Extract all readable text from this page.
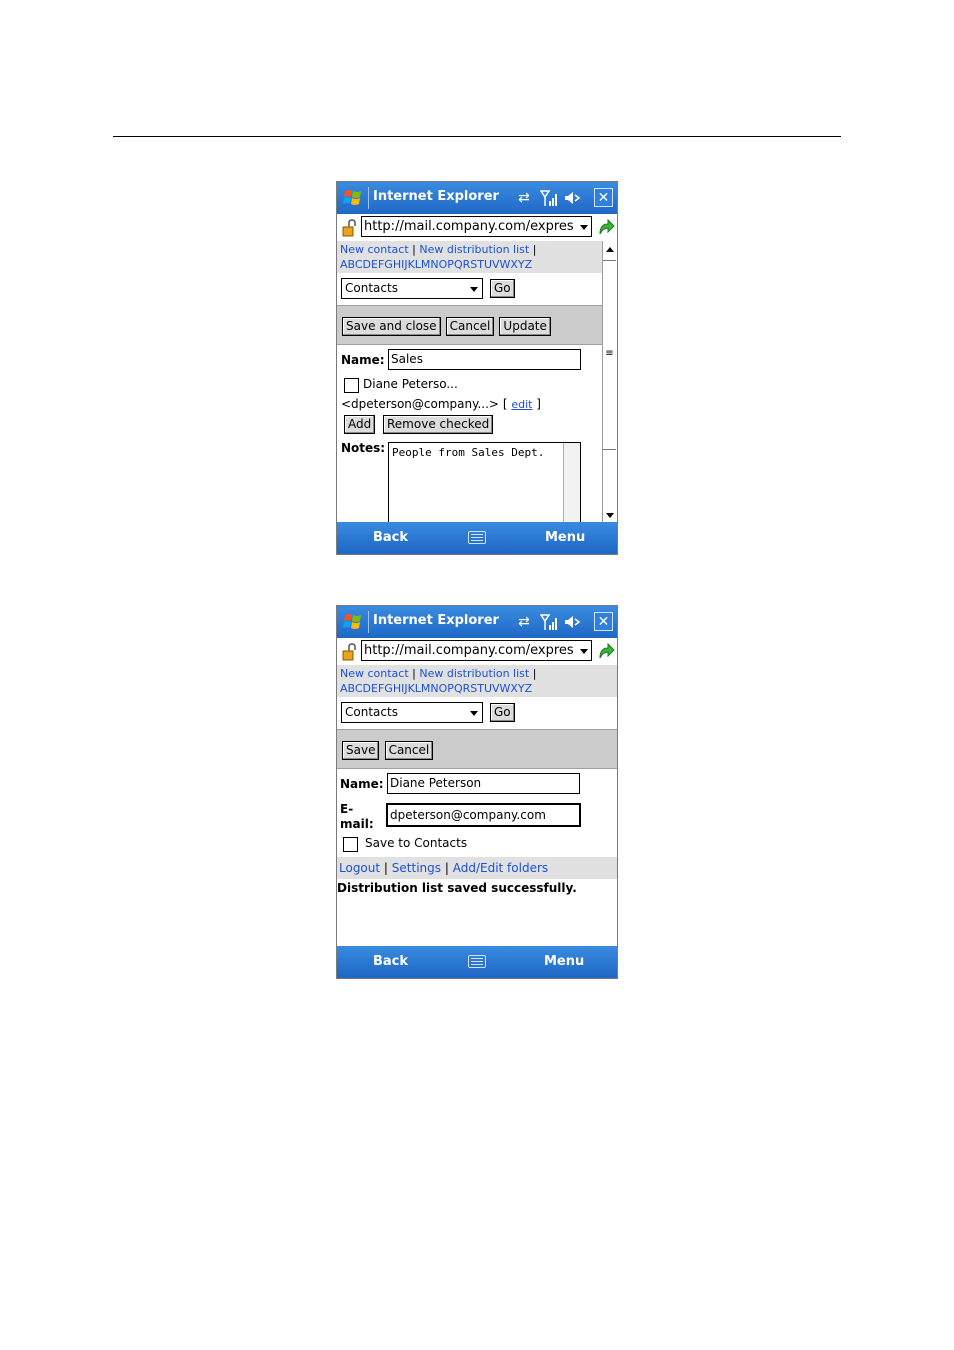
Internet Explorer ⇄	✕
http://mail.company.com/expres
New contact | New distribution list |
ABCDEFGHIJKLMNOPQRSTUVWXYZ
Contacts	Go
Save and close Cancel Update
Name: Sales
Diane Peterso...
<dpeterson@company...> [ edit ]
Add	Remove checked
Notes: People from Sales Dept.
≡
Back	Menu
Internet Explorer ⇄	✕
http://mail.company.com/expres
New contact | New distribution list |
ABCDEFGHIJKLMNOPQRSTUVWXYZ
Contacts	Go
Save Cancel
Name: Diane Peterson
E-
mail:
dpeterson@company.com
Save to Contacts
Logout | Settings | Add/Edit folders
Distribution list saved successfully.
Back	Menu
